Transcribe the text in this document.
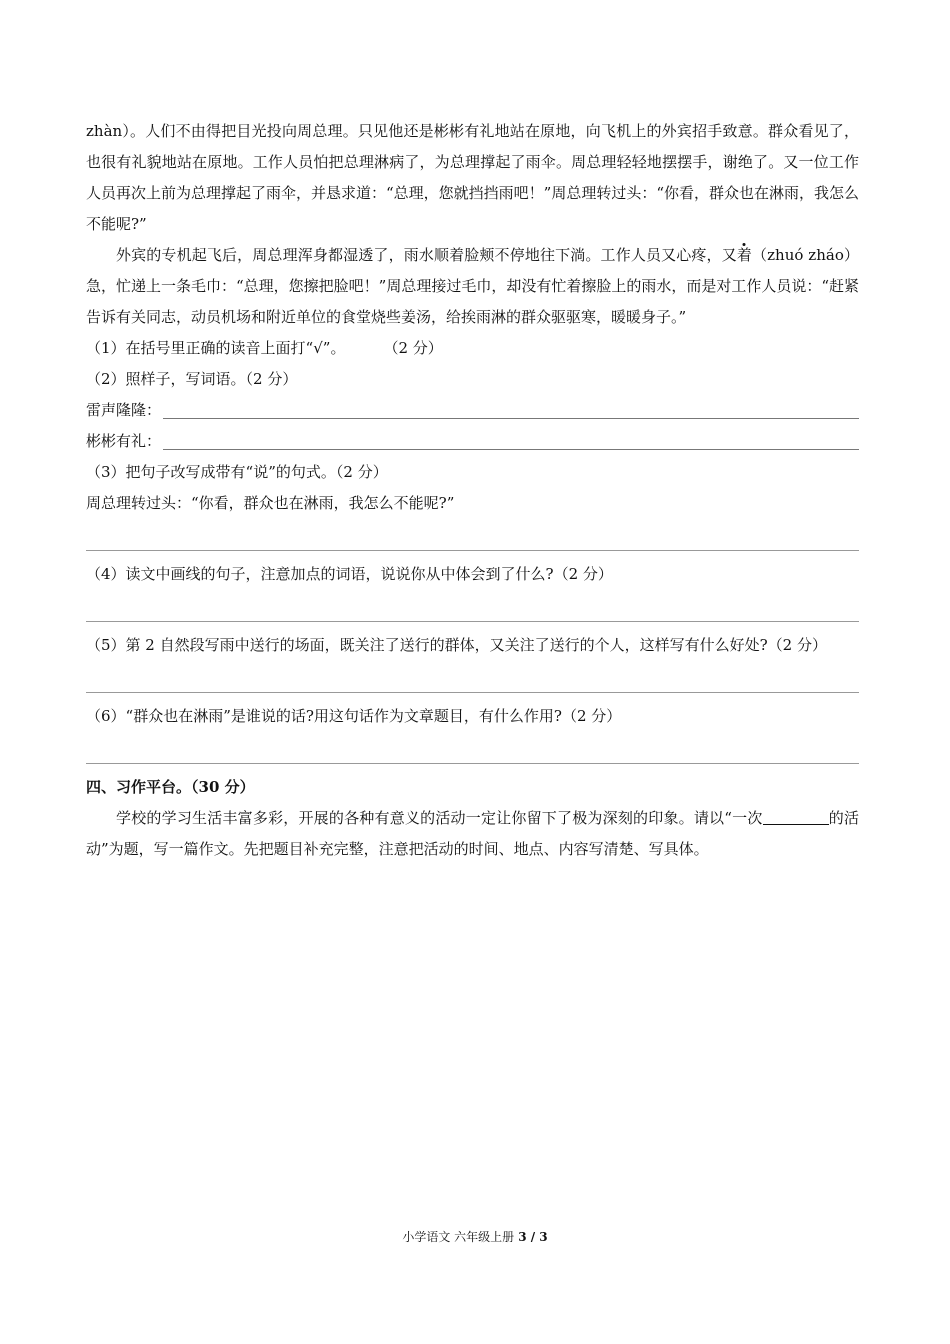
zhàn）。人们不由得把目光投向周总理。只见他还是彬彬有礼地站在原地，向飞机上的外宾招手致意。群众看见了，也很有礼貌地站在原地。工作人员怕把总理淋病了，为总理撑起了雨伞。周总理轻轻地摆摆手，谢绝了。又一位工作人员再次上前为总理撑起了雨伞，并恳求道：“总理，您就挡挡雨吧！”周总理转过头：“你看，群众也在淋雨，我怎么不能呢?”

外宾的专机起飞后，周总理浑身都湿透了，雨水顺着脸颊不停地往下淌。工作人员又心疼，又着（zhuó zháo）急，忙递上一条毛巾：“总理，您擦把脸吧！”周总理接过毛巾，却没有忙着擦脸上的雨水，而是对工作人员说：“赶紧告诉有关同志，动员机场和附近单位的食堂烧些姜汤，给挨雨淋的群众驱驱寒，暖暖身子。”

（1）在括号里正确的读音上面打“√”。	（2 分）

（2）照样子，写词语。（2 分）

雷声隆隆：
彬彬有礼：

（3）把句子改写成带有“说”的句式。（2 分）

周总理转过头：“你看，群众也在淋雨，我怎么不能呢?”

（4）读文中画线的句子，注意加点的词语，说说你从中体会到了什么?（2 分）

（5）第 2 自然段写雨中送行的场面，既关注了送行的群体，又关注了送行的个人，这样写有什么好处?（2 分）

（6）“群众也在淋雨”是谁说的话?用这句话作为文章题目，有什么作用?（2 分）

四、习作平台。（30 分）

学校的学习生活丰富多彩，开展的各种有意义的活动一定让你留下了极为深刻的印象。请以“一次	的活动”为题，写一篇作文。先把题目补充完整，注意把活动的时间、地点、内容写清楚、写具体。

小学语文 六年级上册 3 / 3
